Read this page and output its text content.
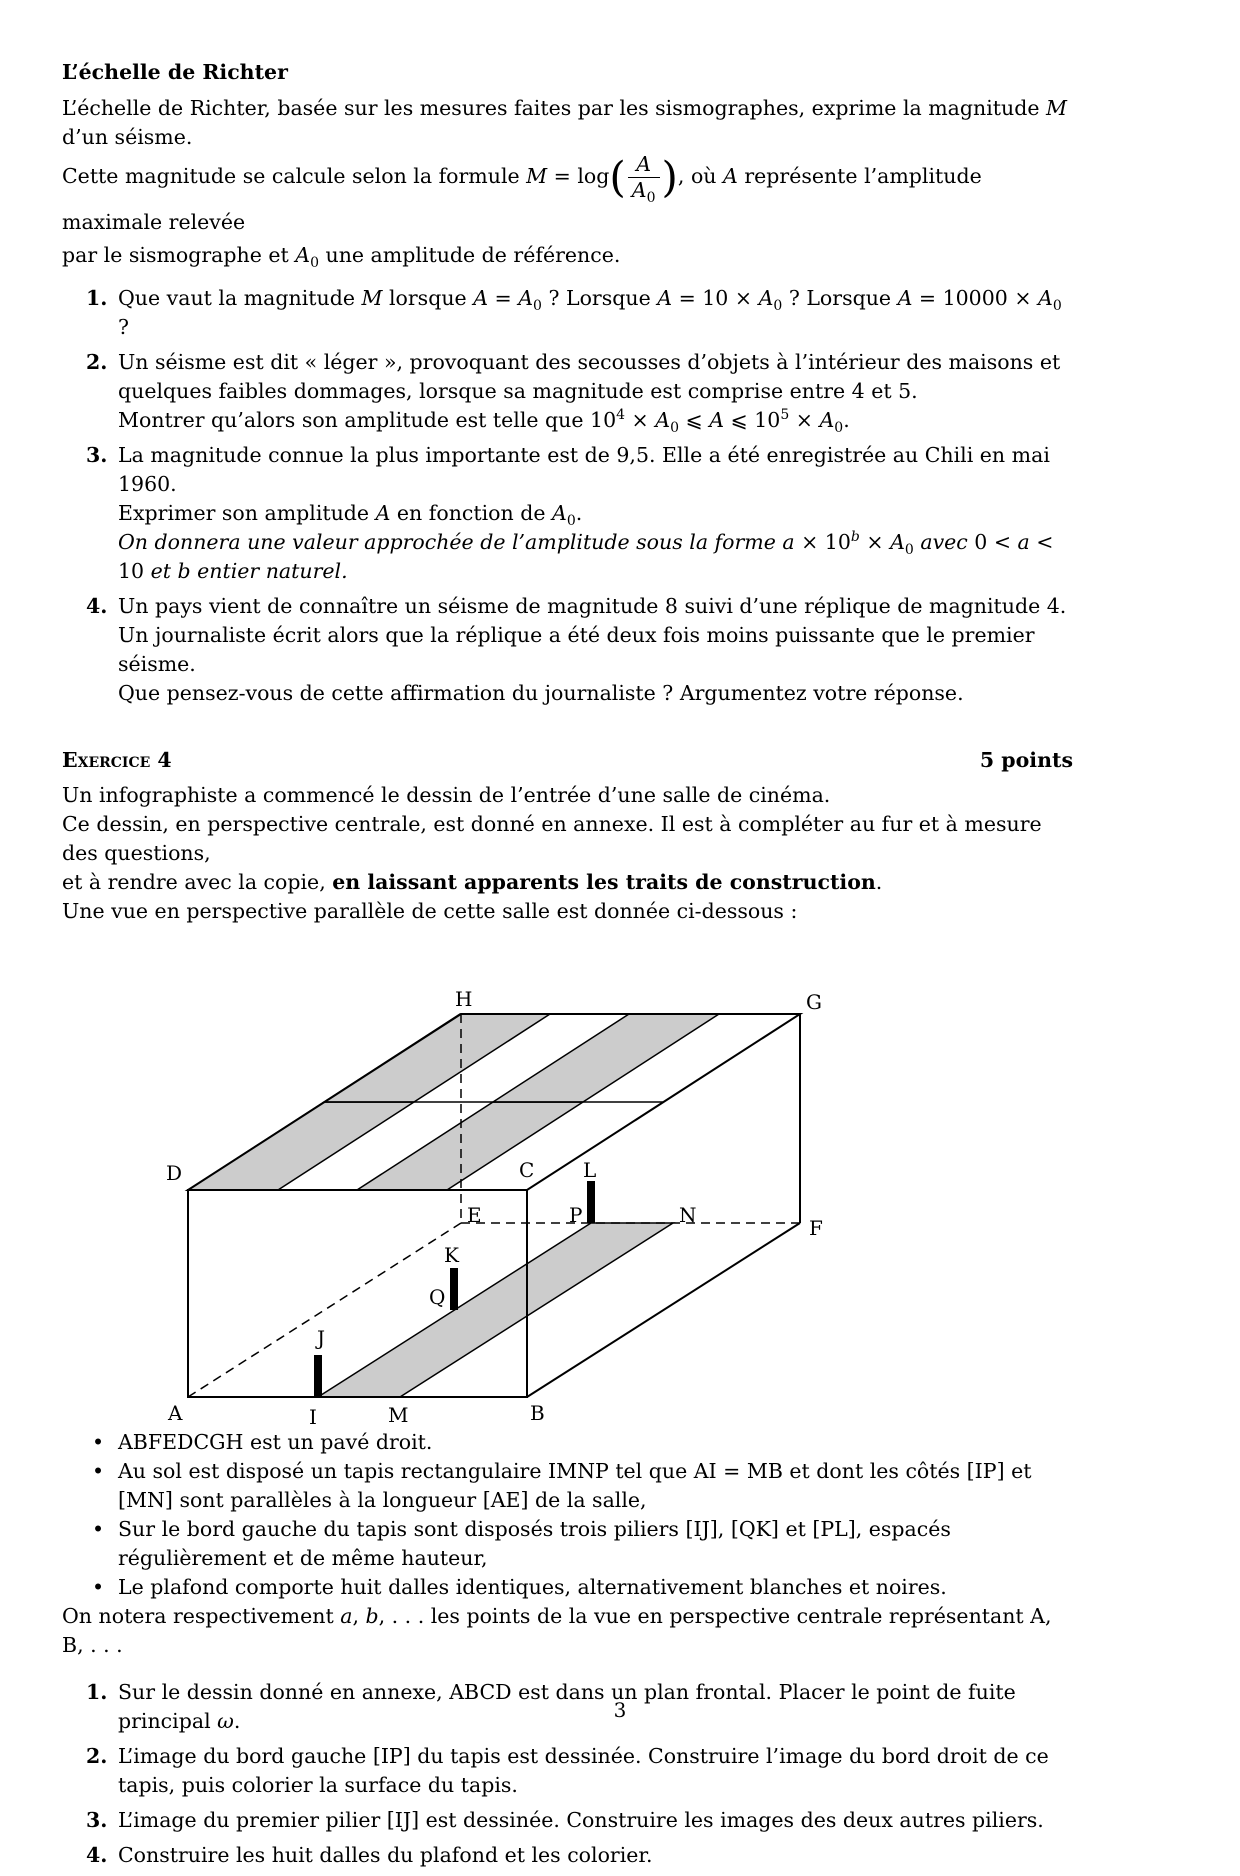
L’échelle de Richter

L’échelle de Richter, basée sur les mesures faites par les sismographes, exprime la magnitude M d’un séisme.

Cette magnitude se calcule selon la formule $M = \log( \frac{A}{A_0}$ ), où A représente l’amplitude maximale relevée

par le sismographe et $A_0$ une amplitude de référence.

1. Que vaut la magnitude M lorsque $A = A_0$ ? Lorsque $A = 10 \times A_0$ ? Lorsque $A = 10000 \times A_0$ ?
2. Un séisme est dit « léger », provoquant des secousses d’objets à l’intérieur des maisons et quelques faibles dommages, lorsque sa magnitude est comprise entre 4 et 5.
Montrer qu’alors son amplitude est telle que $10^4 \times A_0$ ⩽ A ⩽ $10^5 \times A_0$.
3. La magnitude connue la plus importante est de 9,5. Elle a été enregistrée au Chili en mai 1960.
Exprimer son amplitude A en fonction de $A_0$.
On donnera une valeur approchée de l’amplitude sous la forme $a \times 10^b \times A_0$ avec 0 < a < 10 et b entier naturel.
4. Un pays vient de connaître un séisme de magnitude 8 suivi d’une réplique de magnitude 4.
Un journaliste écrit alors que la réplique a été deux fois moins puissante que le premier séisme.
Que pensez-vous de cette affirmation du journaliste ? Argumentez votre réponse.
Exercice 4	5 points

Un infographiste a commencé le dessin de l’entrée d’une salle de cinéma.

Ce dessin, en perspective centrale, est donné en annexe. Il est à compléter au fur et à mesure des questions,

et à rendre avec la copie, en laissant apparents les traits de construction.

Une vue en perspective parallèle de cette salle est donnée ci-dessous :

H	G
D	C L
E	P	N
F
K
Q
J
A	I	M	B
• ABFEDCGH est un pavé droit.
• Au sol est disposé un tapis rectangulaire IMNP tel que AI = MB et dont les côtés [IP] et [MN] sont parallèles à la longueur [AE] de la salle,
• Sur le bord gauche du tapis sont disposés trois piliers [IJ], [QK] et [PL], espacés régulièrement et de même hauteur,
• Le plafond comporte huit dalles identiques, alternativement blanches et noires.

On notera respectivement a, b, . . . les points de la vue en perspective centrale représentant A, B, . . .

1. Sur le dessin donné en annexe, ABCD est dans un plan frontal. Placer le point de fuite principal ω.
2. L’image du bord gauche [IP] du tapis est dessinée. Construire l’image du bord droit de ce tapis, puis colorier la surface du tapis.
3. L’image du premier pilier [IJ] est dessinée. Construire les images des deux autres piliers.
4. Construire les huit dalles du plafond et les colorier.
3
